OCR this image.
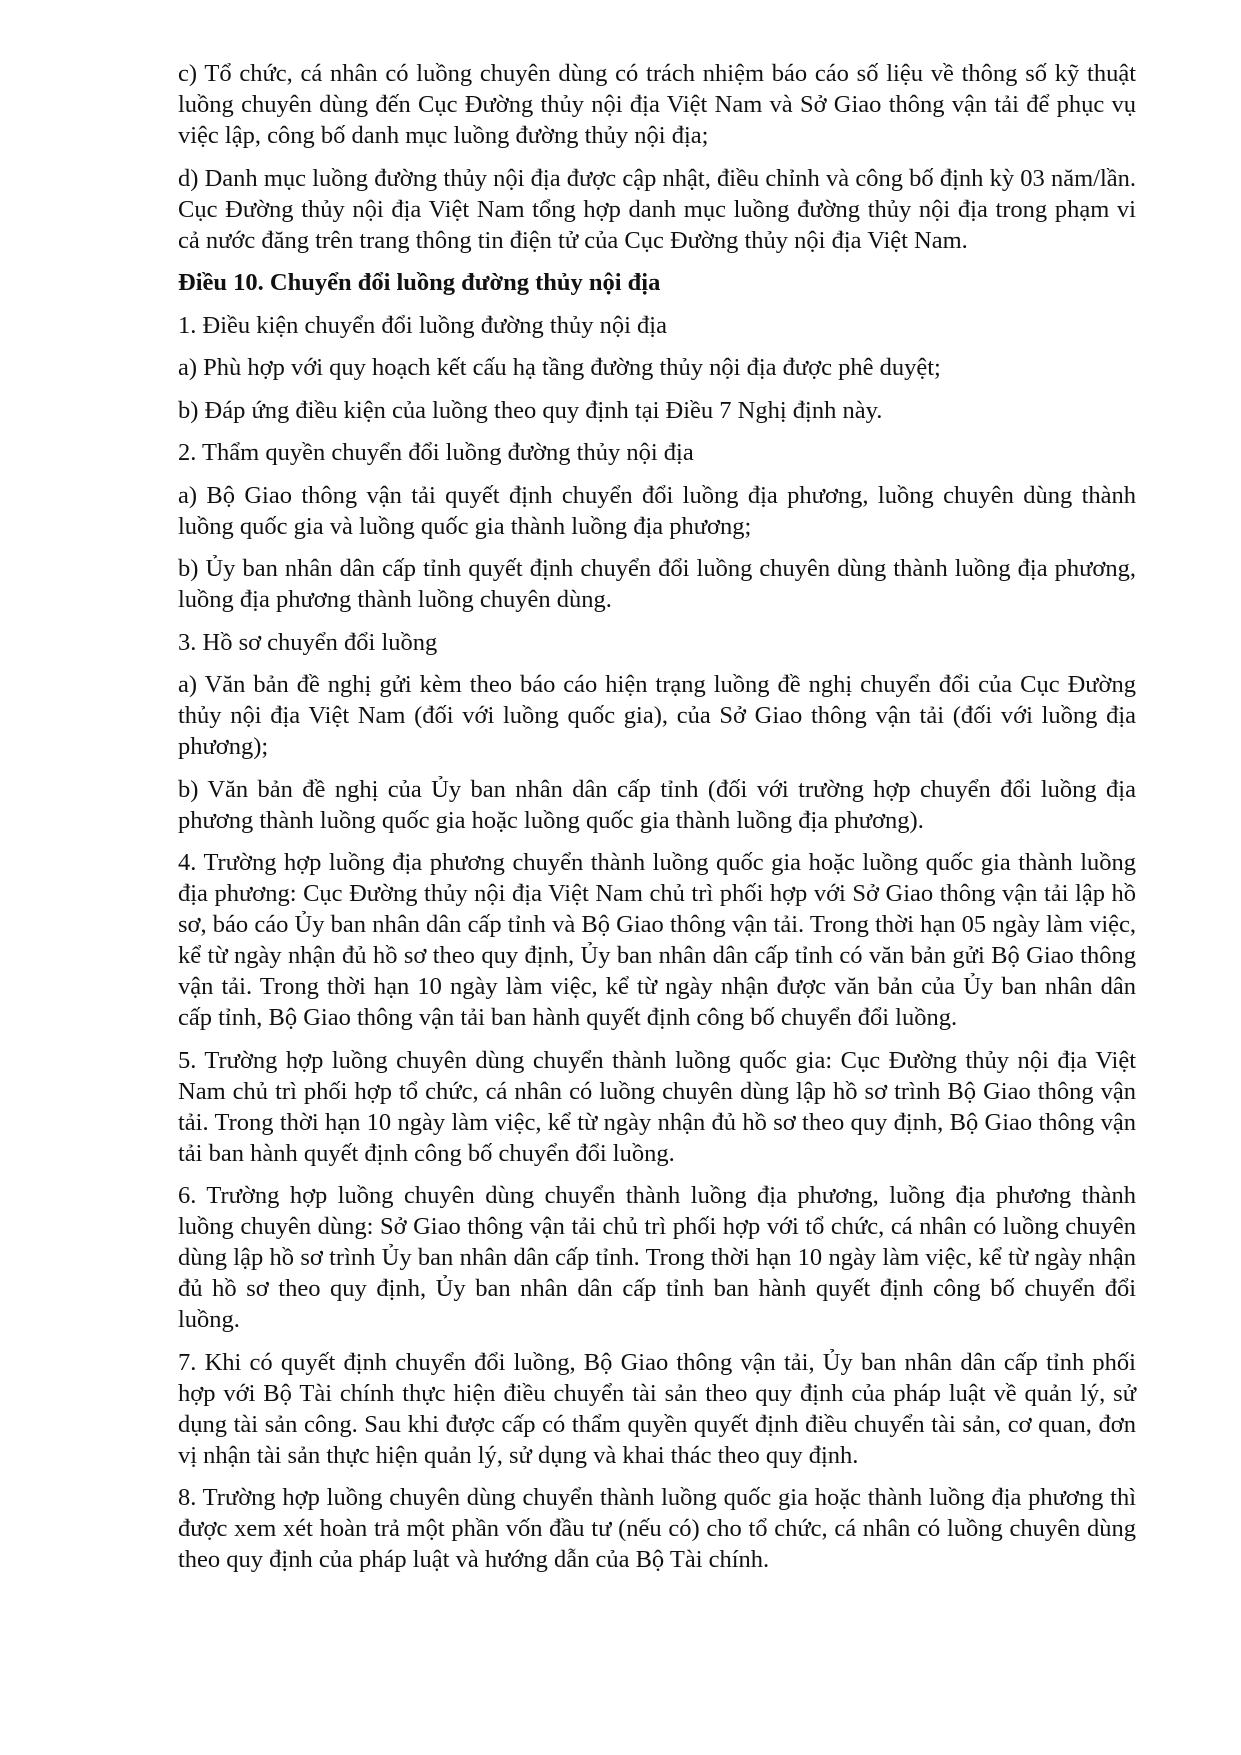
c) Tổ chức, cá nhân có luồng chuyên dùng có trách nhiệm báo cáo số liệu về thông số kỹ thuật luồng chuyên dùng đến Cục Đường thủy nội địa Việt Nam và Sở Giao thông vận tải để phục vụ việc lập, công bố danh mục luồng đường thủy nội địa;

d) Danh mục luồng đường thủy nội địa được cập nhật, điều chỉnh và công bố định kỳ 03 năm/lần. Cục Đường thủy nội địa Việt Nam tổng hợp danh mục luồng đường thủy nội địa trong phạm vi cả nước đăng trên trang thông tin điện tử của Cục Đường thủy nội địa Việt Nam.

Điều 10. Chuyển đổi luồng đường thủy nội địa

1. Điều kiện chuyển đổi luồng đường thủy nội địa

a) Phù hợp với quy hoạch kết cấu hạ tầng đường thủy nội địa được phê duyệt;

b) Đáp ứng điều kiện của luồng theo quy định tại Điều 7 Nghị định này.

2. Thẩm quyền chuyển đổi luồng đường thủy nội địa

a) Bộ Giao thông vận tải quyết định chuyển đổi luồng địa phương, luồng chuyên dùng thành luồng quốc gia và luồng quốc gia thành luồng địa phương;

b) Ủy ban nhân dân cấp tỉnh quyết định chuyển đổi luồng chuyên dùng thành luồng địa phương, luồng địa phương thành luồng chuyên dùng.

3. Hồ sơ chuyển đổi luồng

a) Văn bản đề nghị gửi kèm theo báo cáo hiện trạng luồng đề nghị chuyển đổi của Cục Đường thủy nội địa Việt Nam (đối với luồng quốc gia), của Sở Giao thông vận tải (đối với luồng địa phương);

b) Văn bản đề nghị của Ủy ban nhân dân cấp tỉnh (đối với trường hợp chuyển đổi luồng địa phương thành luồng quốc gia hoặc luồng quốc gia thành luồng địa phương).

4. Trường hợp luồng địa phương chuyển thành luồng quốc gia hoặc luồng quốc gia thành luồng địa phương: Cục Đường thủy nội địa Việt Nam chủ trì phối hợp với Sở Giao thông vận tải lập hồ sơ, báo cáo Ủy ban nhân dân cấp tỉnh và Bộ Giao thông vận tải. Trong thời hạn 05 ngày làm việc, kể từ ngày nhận đủ hồ sơ theo quy định, Ủy ban nhân dân cấp tỉnh có văn bản gửi Bộ Giao thông vận tải. Trong thời hạn 10 ngày làm việc, kể từ ngày nhận được văn bản của Ủy ban nhân dân cấp tỉnh, Bộ Giao thông vận tải ban hành quyết định công bố chuyển đổi luồng.

5. Trường hợp luồng chuyên dùng chuyển thành luồng quốc gia: Cục Đường thủy nội địa Việt Nam chủ trì phối hợp tổ chức, cá nhân có luồng chuyên dùng lập hồ sơ trình Bộ Giao thông vận tải. Trong thời hạn 10 ngày làm việc, kể từ ngày nhận đủ hồ sơ theo quy định, Bộ Giao thông vận tải ban hành quyết định công bố chuyển đổi luồng.

6. Trường hợp luồng chuyên dùng chuyển thành luồng địa phương, luồng địa phương thành luồng chuyên dùng: Sở Giao thông vận tải chủ trì phối hợp với tổ chức, cá nhân có luồng chuyên dùng lập hồ sơ trình Ủy ban nhân dân cấp tỉnh. Trong thời hạn 10 ngày làm việc, kể từ ngày nhận đủ hồ sơ theo quy định, Ủy ban nhân dân cấp tỉnh ban hành quyết định công bố chuyển đổi luồng.

7. Khi có quyết định chuyển đổi luồng, Bộ Giao thông vận tải, Ủy ban nhân dân cấp tỉnh phối hợp với Bộ Tài chính thực hiện điều chuyển tài sản theo quy định của pháp luật về quản lý, sử dụng tài sản công. Sau khi được cấp có thẩm quyền quyết định điều chuyển tài sản, cơ quan, đơn vị nhận tài sản thực hiện quản lý, sử dụng và khai thác theo quy định.

8. Trường hợp luồng chuyên dùng chuyển thành luồng quốc gia hoặc thành luồng địa phương thì được xem xét hoàn trả một phần vốn đầu tư (nếu có) cho tổ chức, cá nhân có luồng chuyên dùng theo quy định của pháp luật và hướng dẫn của Bộ Tài chính.
